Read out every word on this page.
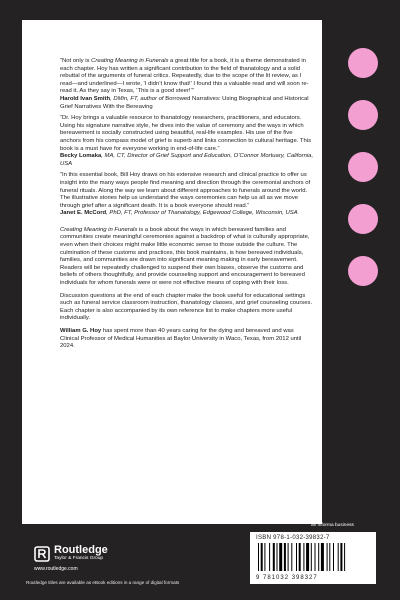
“Not only is Creating Meaning in Funerals a great title for a book, it is a theme demonstrated in each chapter. Hoy has written a significant contribution to the field of thanatology and a solid rebuttal of the arguments of funeral critics. Repeatedly, due to the scope of the lit review, as I read—and underlined—I wrote, ‘I didn’t know that!’ I found this a valuable read and will soon re-read it. As they say in Texas, ‘This is a good steer!’”

Harold Ivan Smith, DMin, FT, author of Borrowed Narratives: Using Biographical and Historical Grief Narratives With the Bereaving

“Dr. Hoy brings a valuable resource to thanatology researchers, practitioners, and educators. Using his signature narrative style, he dives into the value of ceremony and the ways in which bereavement is socially constructed using beautiful, real-life examples. His use of the five anchors from his compass model of grief is superb and links connection to cultural heritage. This book is a must have for everyone working in end-of-life care.”

Becky Lomaka, MA, CT, Director of Grief Support and Education, O’Connor Mortuary, California, USA

“In this essential book, Bill Hoy draws on his extensive research and clinical practice to offer us insight into the many ways people find meaning and direction through the ceremonial anchors of funeral rituals. Along the way we learn about different approaches to funerals around the world. The illustrative stories help us understand the ways ceremonies can help us all as we move through grief after a significant death. It is a book everyone should read.”

Janet E. McCord, PhD, FT, Professor of Thanatology, Edgewood College, Wisconsin, USA

Creating Meaning in Funerals is a book about the ways in which bereaved families and communities create meaningful ceremonies against a backdrop of what is culturally appropriate, even when their choices might make little economic sense to those outside the culture. The culmination of these customs and practices, this book maintains, is how bereaved individuals, families, and communities are drawn into significant meaning making in early bereavement. Readers will be repeatedly challenged to suspend their own biases, observe the customs and beliefs of others thoughtfully, and provide counseling support and encouragement to bereaved individuals for whom funerals were or were not effective means of coping with their loss.

Discussion questions at the end of each chapter make the book useful for educational settings such as funeral service classroom instruction, thanatology classes, and grief counseling courses. Each chapter is also accompanied by its own reference list to make chapters more useful individually.

William G. Hoy has spent more than 40 years caring for the dying and bereaved and was Clinical Professor of Medical Humanities at Baylor University in Waco, Texas, from 2012 until 2024.

an informa business
Routledge
Taylor & Francis Group
www.routledge.com
ISBN 978-1-032-39832-7
9 781032 398327
Routledge titles are available as eBook editions in a range of digital formats
